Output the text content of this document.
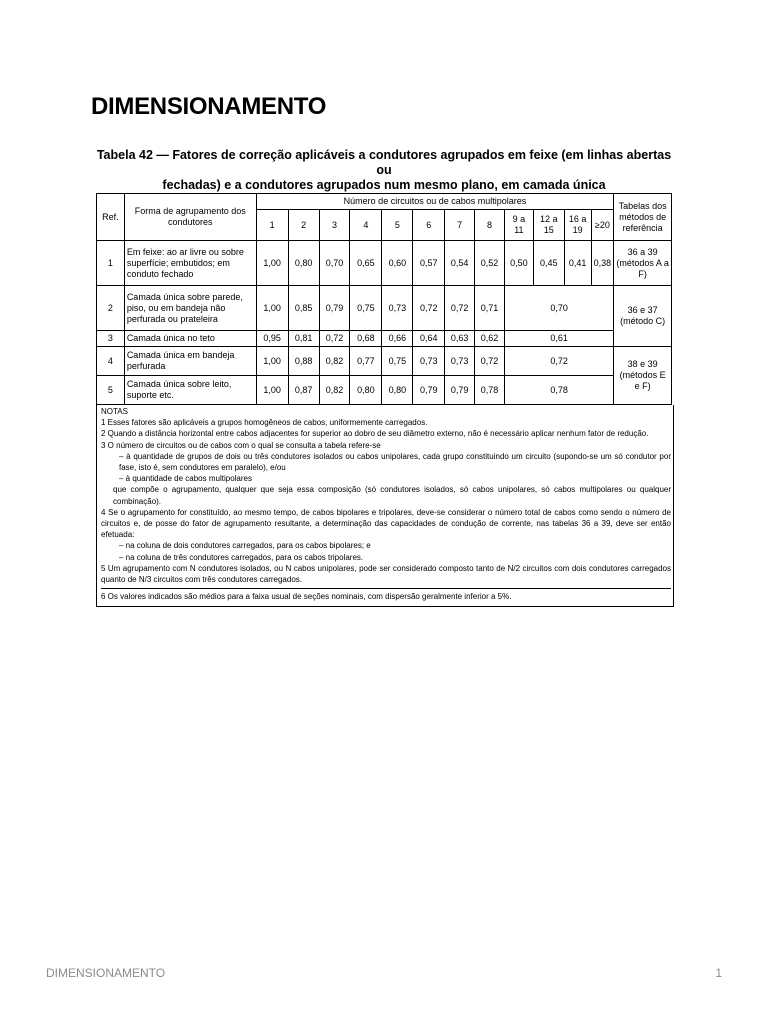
DIMENSIONAMENTO
Tabela 42 — Fatores de correção aplicáveis a condutores agrupados em feixe (em linhas abertas ou
fechadas) e a condutores agrupados num mesmo plano, em camada única
Ref.	Forma de agrupamento dos condutores	Número de circuitos ou de cabos multipolares												Tabelas dos métodos de referência
		1	2	3	4	5	6	7	8	9 a 11	12 a 15	16 a 19	≥20	
1	Em feixe: ao ar livre ou sobre superfície; embutidos; em conduto fechado	1,00	0,80	0,70	0,65	0,60	0,57	0,54	0,52	0,50	0,45	0,41	0,38	36 a 39 (métodos A a F)
2	Camada única sobre parede, piso, ou em bandeja não perfurada ou prateleira	1,00	0,85	0,79	0,75	0,73	0,72	0,72	0,71	0,70				36 e 37 (método C)
3	Camada única no teto	0,95	0,81	0,72	0,68	0,66	0,64	0,63	0,62	0,61				
4	Camada única em bandeja perfurada	1,00	0,88	0,82	0,77	0,75	0,73	0,73	0,72	0,72				38 e 39 (métodos E e F)
5	Camada única sobre leito, suporte etc.	1,00	0,87	0,82	0,80	0,80	0,79	0,79	0,78	0,78				

NOTAS

1 Esses fatores são aplicáveis a grupos homogêneos de cabos, uniformemente carregados.

2 Quando a distância horizontal entre cabos adjacentes for superior ao dobro de seu diâmetro externo, não é necessário aplicar nenhum fator de redução.

3 O número de circuitos ou de cabos com o qual se consulta a tabela refere-se

– à quantidade de grupos de dois ou três condutores isolados ou cabos unipolares, cada grupo constituindo um circuito (supondo-se um só condutor por fase, isto é, sem condutores em paralelo), e/ou

– à quantidade de cabos multipolares

que compõe o agrupamento, qualquer que seja essa composição (só condutores isolados, só cabos unipolares, só cabos multipolares ou qualquer combinação).

4 Se o agrupamento for constituído, ao mesmo tempo, de cabos bipolares e tripolares, deve-se considerar o número total de cabos como sendo o número de circuitos e, de posse do fator de agrupamento resultante, a determinação das capacidades de condução de corrente, nas tabelas 36 a 39, deve ser então efetuada:

– na coluna de dois condutores carregados, para os cabos bipolares; e

– na coluna de três condutores carregados, para os cabos tripolares.

5 Um agrupamento com N condutores isolados, ou N cabos unipolares, pode ser considerado composto tanto de N/2 circuitos com dois condutores carregados quanto de N/3 circuitos com três condutores carregados.

6 Os valores indicados são médios para a faixa usual de seções nominais, com dispersão geralmente inferior a 5%.

DIMENSIONAMENTO	1
